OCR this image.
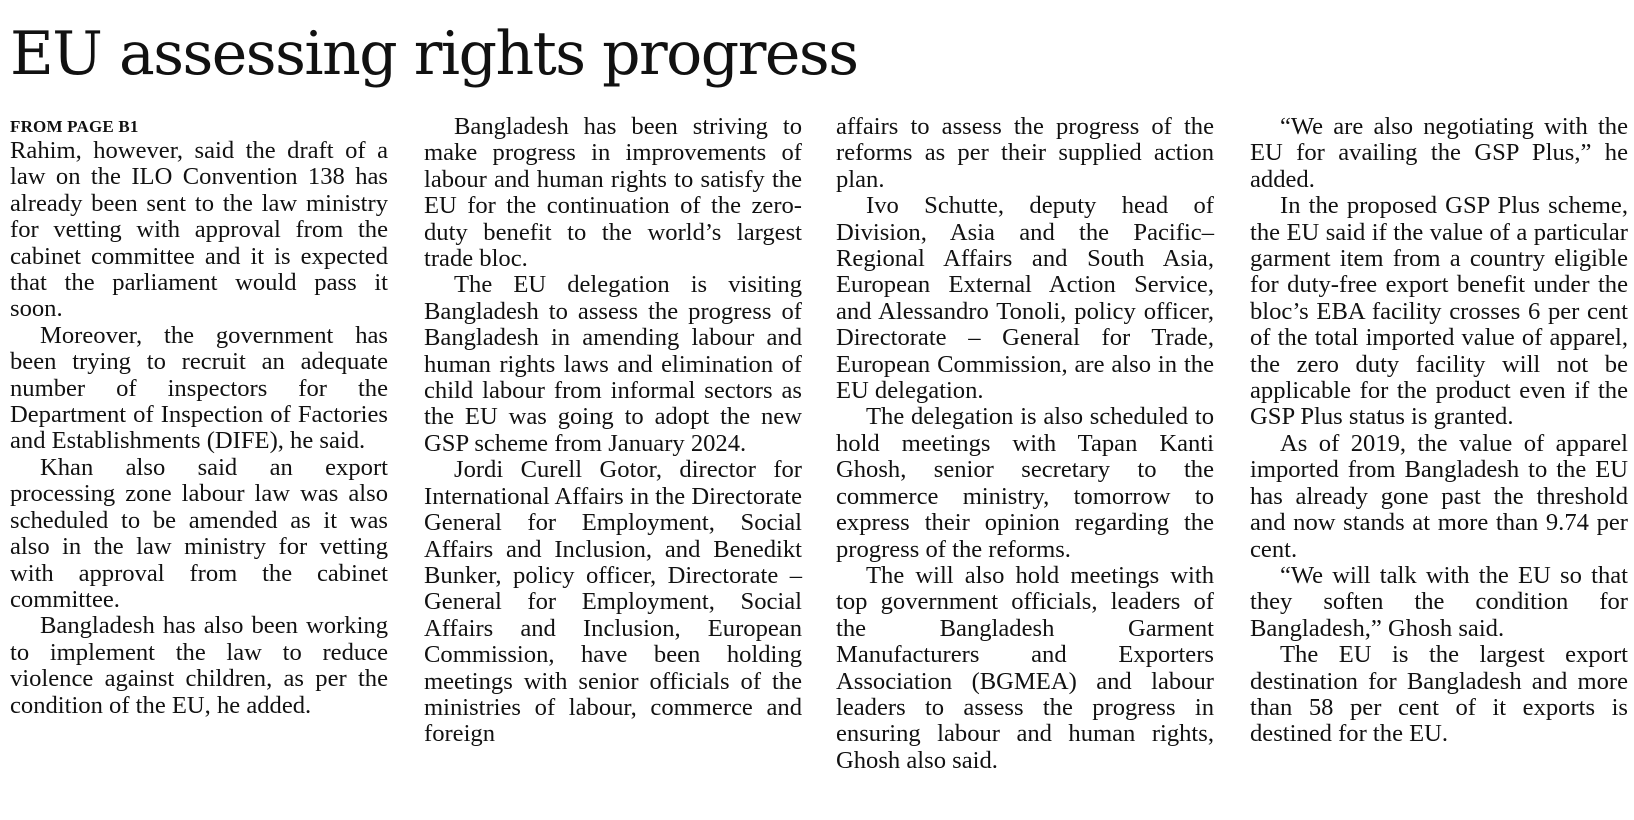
EU assessing rights progress
FROM PAGE B1

Rahim, however, said the draft of a law on the ILO Convention 138 has already been sent to the law ministry for vetting with approval from the cabinet committee and it is expected that the parliament would pass it soon.

Moreover, the government has been trying to recruit an adequate number of inspectors for the Department of Inspection of Factories and Establishments (DIFE), he said.

Khan also said an export processing zone labour law was also scheduled to be amended as it was also in the law ministry for vetting with approval from the cabinet committee.

Bangladesh has also been working to implement the law to reduce violence against children, as per the condition of the EU, he added.

Bangladesh has been striving to make progress in improvements of labour and human rights to satisfy the EU for the continuation of the zero-duty benefit to the world’s largest trade bloc.

The EU delegation is visiting Bangladesh to assess the progress of Bangladesh in amending labour and human rights laws and elimination of child labour from informal sectors as the EU was going to adopt the new GSP scheme from January 2024.

Jordi Curell Gotor, director for International Affairs in the Directorate General for Employment, Social Affairs and Inclusion, and Benedikt Bunker, policy officer, Directorate – General for Employment, Social Affairs and Inclusion, European Commission, have been holding meetings with senior officials of the ministries of labour, commerce and foreign

affairs to assess the progress of the reforms as per their supplied action plan.

Ivo Schutte, deputy head of Division, Asia and the Pacific–Regional Affairs and South Asia, European External Action Service, and Alessandro Tonoli, policy officer, Directorate – General for Trade, European Commission, are also in the EU delegation.

The delegation is also scheduled to hold meetings with Tapan Kanti Ghosh, senior secretary to the commerce ministry, tomorrow to express their opinion regarding the progress of the reforms.

The will also hold meetings with top government officials, leaders of the Bangladesh Garment Manufacturers and Exporters Association (BGMEA) and labour leaders to assess the progress in ensuring labour and human rights, Ghosh also said.

“We are also negotiating with the EU for availing the GSP Plus,” he added.

In the proposed GSP Plus scheme, the EU said if the value of a particular garment item from a country eligible for duty-free export benefit under the bloc’s EBA facility crosses 6 per cent of the total imported value of apparel, the zero duty facility will not be applicable for the product even if the GSP Plus status is granted.

As of 2019, the value of apparel imported from Bangladesh to the EU has already gone past the threshold and now stands at more than 9.74 per cent.

“We will talk with the EU so that they soften the condition for Bangladesh,” Ghosh said.

The EU is the largest export destination for Bangladesh and more than 58 per cent of it exports is destined for the EU.
